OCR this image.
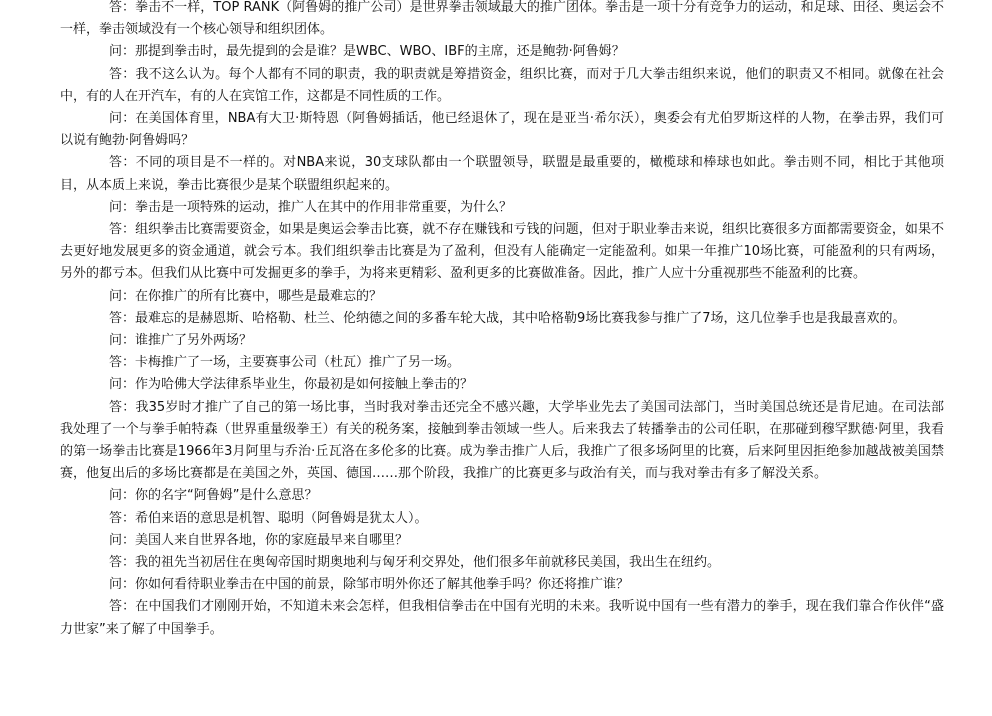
答：拳击不一样，TOP RANK（阿鲁姆的推广公司）是世界拳击领域最大的推广团体。拳击是一项十分有竞争力的运动，和足球、田径、奥运会不一样，拳击领域没有一个核心领导和组织团体。

问：那提到拳击时，最先提到的会是谁？是WBC、WBO、IBF的主席，还是鲍勃·阿鲁姆？

答：我不这么认为。每个人都有不同的职责，我的职责就是筹措资金，组织比赛，而对于几大拳击组织来说，他们的职责又不相同。就像在社会中，有的人在开汽车，有的人在宾馆工作，这都是不同性质的工作。

问：在美国体育里，NBA有大卫·斯特恩（阿鲁姆插话，他已经退休了，现在是亚当·希尔沃），奥委会有尤伯罗斯这样的人物，在拳击界，我们可以说有鲍勃·阿鲁姆吗？

答：不同的项目是不一样的。对NBA来说，30支球队都由一个联盟领导，联盟是最重要的，橄榄球和棒球也如此。拳击则不同，相比于其他项目，从本质上来说，拳击比赛很少是某个联盟组织起来的。

问：拳击是一项特殊的运动，推广人在其中的作用非常重要，为什么？

答：组织拳击比赛需要资金，如果是奥运会拳击比赛，就不存在赚钱和亏钱的问题，但对于职业拳击来说，组织比赛很多方面都需要资金，如果不去更好地发展更多的资金通道，就会亏本。我们组织拳击比赛是为了盈利，但没有人能确定一定能盈利。如果一年推广10场比赛，可能盈利的只有两场，另外的都亏本。但我们从比赛中可发掘更多的拳手，为将来更精彩、盈利更多的比赛做准备。因此，推广人应十分重视那些不能盈利的比赛。

问：在你推广的所有比赛中，哪些是最难忘的？

答：最难忘的是赫恩斯、哈格勒、杜兰、伦纳德之间的多番车轮大战，其中哈格勒9场比赛我参与推广了7场，这几位拳手也是我最喜欢的。

问：谁推广了另外两场？

答：卡梅推广了一场，主要赛事公司（杜瓦）推广了另一场。

问：作为哈佛大学法律系毕业生，你最初是如何接触上拳击的？

答：我35岁时才推广了自己的第一场比事，当时我对拳击还完全不感兴趣，大学毕业先去了美国司法部门，当时美国总统还是肯尼迪。在司法部我处理了一个与拳手帕特森（世界重量级拳王）有关的税务案，接触到拳击领域一些人。后来我去了转播拳击的公司任职，在那碰到穆罕默德·阿里，我看的第一场拳击比赛是1966年3月阿里与乔治·丘瓦洛在多伦多的比赛。成为拳击推广人后，我推广了很多场阿里的比赛，后来阿里因拒绝参加越战被美国禁赛，他复出后的多场比赛都是在美国之外，英国、德国……那个阶段，我推广的比赛更多与政治有关，而与我对拳击有多了解没关系。

问：你的名字“阿鲁姆”是什么意思？

答：希伯来语的意思是机智、聪明（阿鲁姆是犹太人）。

问：美国人来自世界各地，你的家庭最早来自哪里？

答：我的祖先当初居住在奥匈帝国时期奥地利与匈牙利交界处，他们很多年前就移民美国，我出生在纽约。

问：你如何看待职业拳击在中国的前景，除邹市明外你还了解其他拳手吗？你还将推广谁？

答：在中国我们才刚刚开始，不知道未来会怎样，但我相信拳击在中国有光明的未来。我听说中国有一些有潜力的拳手，现在我们靠合作伙伴“盛力世家”来了解了中国拳手。
